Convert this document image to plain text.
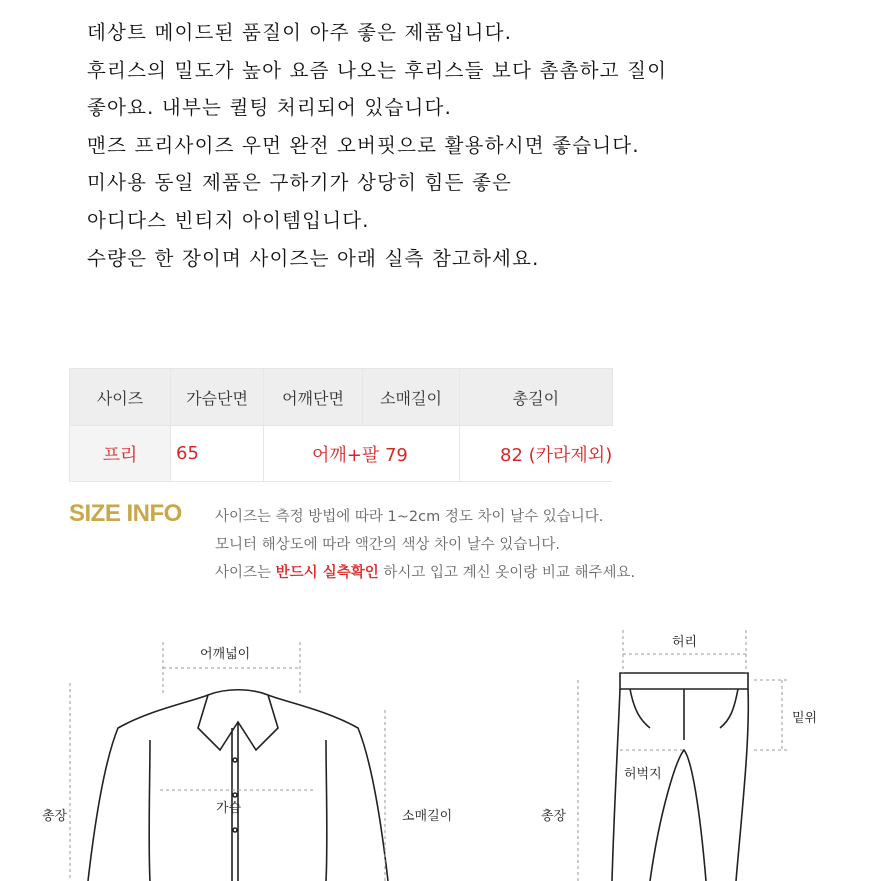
데상트 메이드된 품질이 아주 좋은 제품입니다.
후리스의 밀도가 높아 요즘 나오는 후리스들 보다 촘촘하고 질이
좋아요. 내부는 퀼팅 처리되어 있습니다.
맨즈 프리사이즈 우먼 완전 오버핏으로 활용하시면 좋습니다.
미사용 동일 제품은 구하기가 상당히 힘든 좋은
아디다스 빈티지 아이템입니다.
수량은 한 장이며 사이즈는 아래 실측 참고하세요.
사이즈	가슴단면	어깨단면	소매길이	총길이
프리	65	어깨+팔 79		82 (카라제외)
SIZE INFO 사이즈는 측정 방법에 따라 1~2cm 정도 차이 날수 있습니다.
모니터 해상도에 따라 액간의 색상 차이 날수 있습니다.
사이즈는 반드시 실측확인 하시고 입고 계신 옷이랑 비교 해주세요.
어깨넓이
가슴
소매길이
총장
허리
밑위
허벅지
총장
